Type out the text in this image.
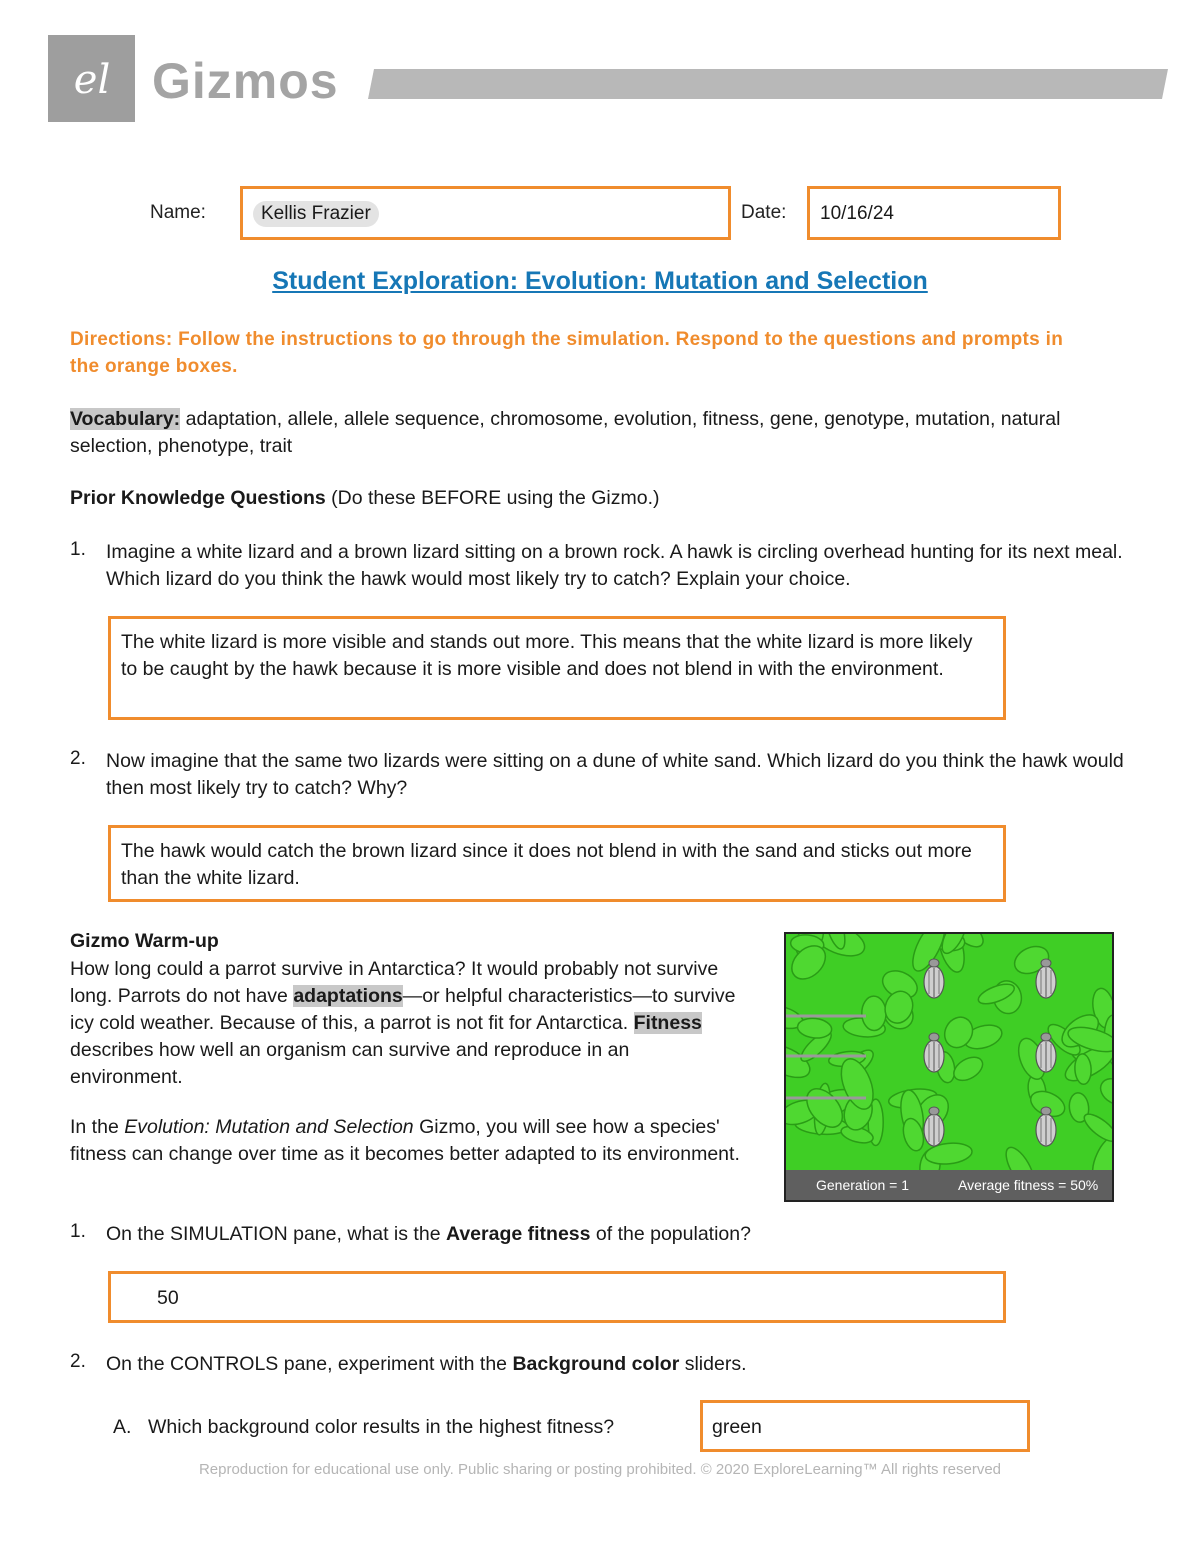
el Gizmos
Name:	Kellis Frazier	Date: 10/16/24
Student Exploration: Evolution: Mutation and Selection
Directions: Follow the instructions to go through the simulation. Respond to the questions and prompts in the orange boxes.
Vocabulary: adaptation, allele, allele sequence, chromosome, evolution, fitness, gene, genotype, mutation, natural selection, phenotype, trait
Prior Knowledge Questions (Do these BEFORE using the Gizmo.)
1. Imagine a white lizard and a brown lizard sitting on a brown rock. A hawk is circling overhead hunting for its next meal. Which lizard do you think the hawk would most likely try to catch? Explain your choice.
The white lizard is more visible and stands out more. This means that the white lizard is more likely to be caught by the hawk because it is more visible and does not blend in with the environment.
2. Now imagine that the same two lizards were sitting on a dune of white sand. Which lizard do you think the hawk would then most likely try to catch? Why?
The hawk would catch the brown lizard since it does not blend in with the sand and sticks out more than the white lizard.
Gizmo Warm-up
How long could a parrot survive in Antarctica? It would probably not survive long. Parrots do not have adaptations—or helpful characteristics—to survive icy cold weather. Because of this, a parrot is not fit for Antarctica. Fitness describes how well an organism can survive and reproduce in an environment.
In the Evolution: Mutation and Selection Gizmo, you will see how a species' fitness can change over time as it becomes better adapted to its environment.
Generation = 1	Average fitness = 50%
1. On the SIMULATION pane, what is the Average fitness of the population?
50
2. On the CONTROLS pane, experiment with the Background color sliders.
A. Which background color results in the highest fitness?	green
Reproduction for educational use only. Public sharing or posting prohibited. © 2020 ExploreLearning™ All rights reserved
